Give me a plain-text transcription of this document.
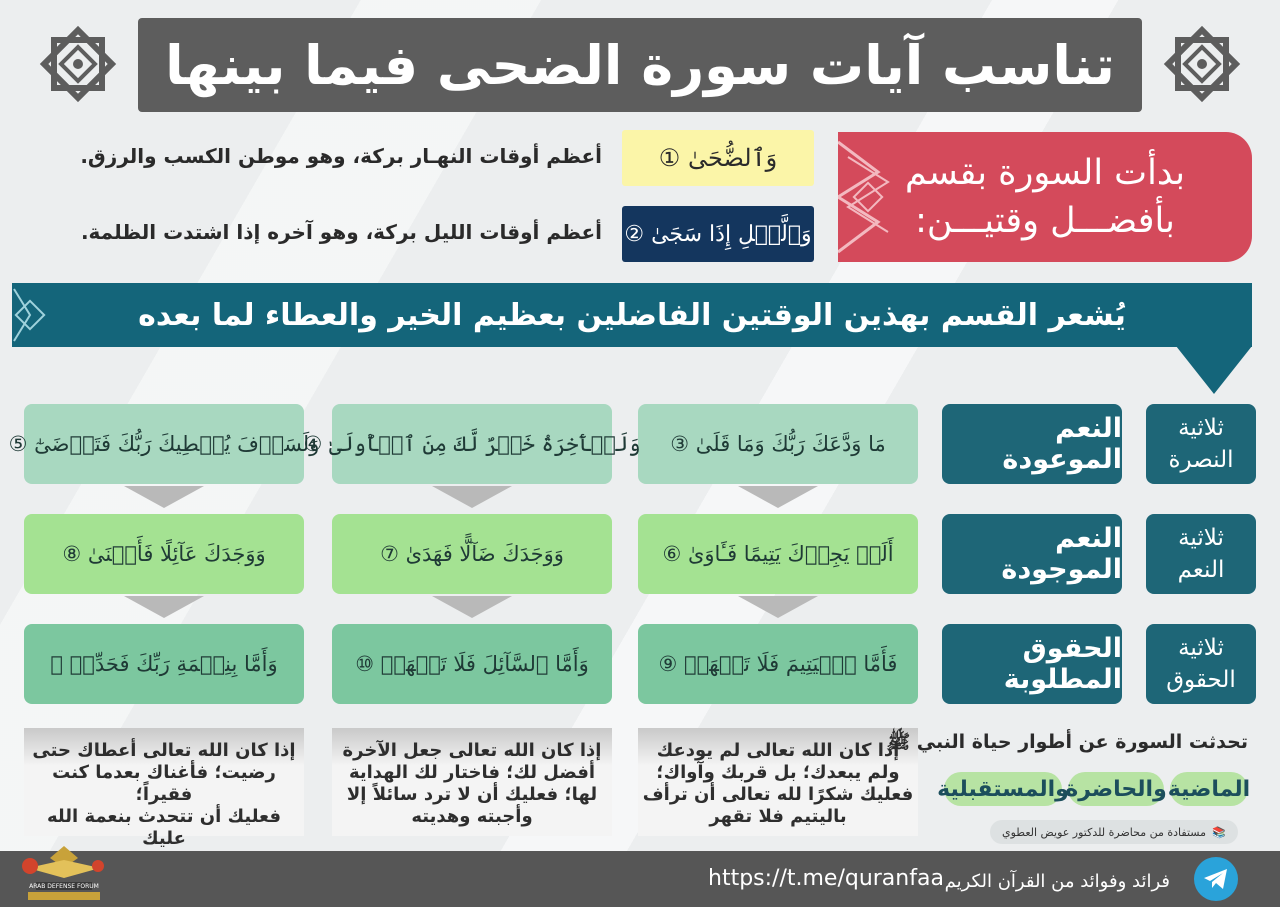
تناسب آيات سورة الضحى فيما بينها
بدأت السورة بقسم
بأفضـــل وقتيـــن:
وَٱلضُّحَىٰ ①
أعظم أوقات النهـار بركة، وهو موطن الكسب والرزق.
وَٱلَّيۡلِ إِذَا سَجَىٰ ②
أعظم أوقات الليل بركة، وهو آخره إذا اشتدت الظلمة.
يُشعر القسم بهذين الوقتين الفاضلين بعظيم الخير والعطاء لما بعده
ثلاثية
النصرة
النعم الموعودة
مَا وَدَّعَكَ رَبُّكَ وَمَا قَلَىٰ ③
وَلَلۡأٓخِرَةُ خَيۡرٌ لَّكَ مِنَ ٱلۡأُولَىٰ ④
وَلَسَوۡفَ يُعۡطِيكَ رَبُّكَ فَتَرۡضَىٰٓ ⑤
ثلاثية
النعم
النعم الموجودة
أَلَمۡ يَجِدۡكَ يَتِيمًا فَـَٔاوَىٰ ⑥
وَوَجَدَكَ ضَآلًّا فَهَدَىٰ ⑦
وَوَجَدَكَ عَآئِلًا فَأَغۡنَىٰ ⑧
ثلاثية
الحقوق
الحقوق المطلوبة
فَأَمَّا ٱلۡيَتِيمَ فَلَا تَقۡهَرۡ ⑨
وَأَمَّا ٱلسَّآئِلَ فَلَا تَنۡهَرۡ ⑩
وَأَمَّا بِنِعۡمَةِ رَبِّكَ فَحَدِّثۡ ⑪
إذا كان الله تعالى لم يودعك
ولم يبعدك؛ بل قربك وآواك؛
فعليك شكرًا لله تعالى أن ترأف
باليتيم فلا تقهر
إذا كان الله تعالى جعل الآخرة
أفضل لك؛ فاختار لك الهداية
لها؛ فعليك أن لا ترد سائلاً إلا
وأجبته وهديته
إذا كان الله تعالى أعطاك حتى
رضيت؛ فأغناك بعدما كنت فقيراً؛
فعليك أن تتحدث بنعمة الله عليك
تحدثت السورة عن أطوار حياة النبي ﷺ
الماضية
والحاضرة
والمستقبلية
📚
مستفادة من محاضرة للدكتور عويض العطوي
فرائد وفوائد من القرآن الكريم
https://t.me/quranfaa
ARAB DEFENSE FORUM
